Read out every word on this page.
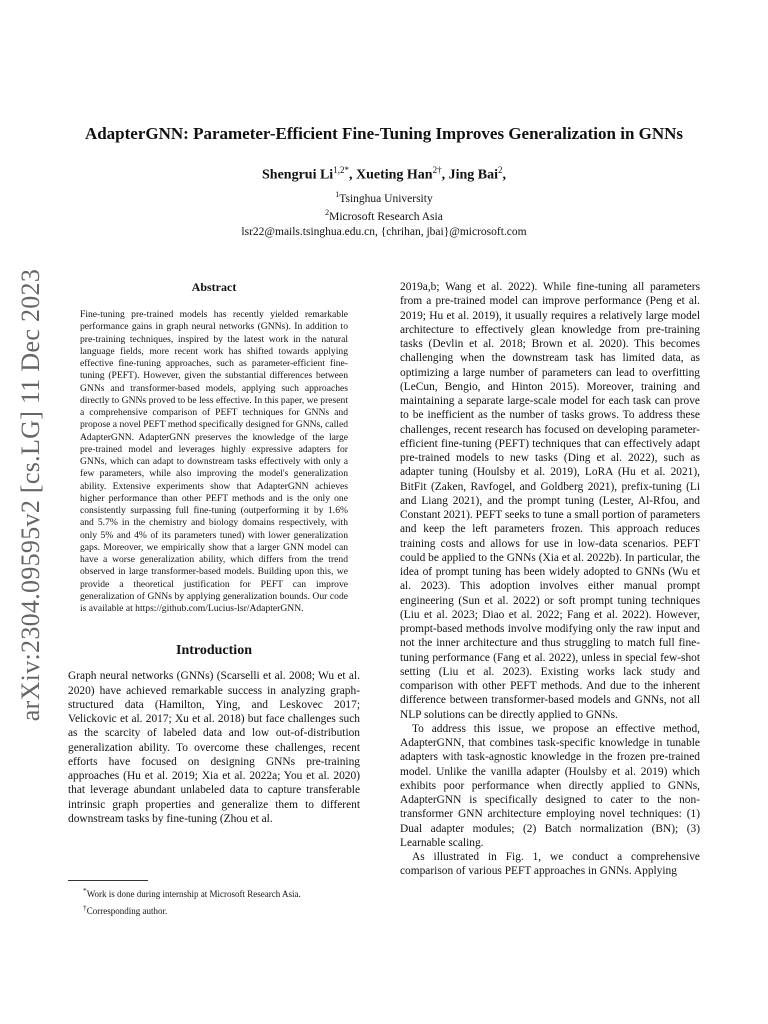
arXiv:2304.09595v2 [cs.LG] 11 Dec 2023
AdapterGNN: Parameter-Efficient Fine-Tuning Improves Generalization in GNNs
Shengrui $Li^{1,2*}$, Xueting Han$^{2\dagger}$, Jing Bai$^2$,
$^1$Tsinghua University
$^2$Microsoft Research Asia
lsr22@mails.tsinghua.edu.cn, {chrihan, jbai}@microsoft.com
Abstract

Fine-tuning pre-trained models has recently yielded remarkable performance gains in graph neural networks (GNNs). In addition to pre-training techniques, inspired by the latest work in the natural language fields, more recent work has shifted towards applying effective fine-tuning approaches, such as parameter-efficient fine-tuning (PEFT). However, given the substantial differences between GNNs and transformer-based models, applying such approaches directly to GNNs proved to be less effective. In this paper, we present a comprehensive comparison of PEFT techniques for GNNs and propose a novel PEFT method specifically designed for GNNs, called AdapterGNN. AdapterGNN preserves the knowledge of the large pre-trained model and leverages highly expressive adapters for GNNs, which can adapt to downstream tasks effectively with only a few parameters, while also improving the model's generalization ability. Extensive experiments show that AdapterGNN achieves higher performance than other PEFT methods and is the only one consistently surpassing full fine-tuning (outperforming it by 1.6% and 5.7% in the chemistry and biology domains respectively, with only 5% and 4% of its parameters tuned) with lower generalization gaps. Moreover, we empirically show that a larger GNN model can have a worse generalization ability, which differs from the trend observed in large transformer-based models. Building upon this, we provide a theoretical justification for PEFT can improve generalization of GNNs by applying generalization bounds. Our code is available at https://github.com/Lucius-lsr/AdapterGNN.

Introduction

Graph neural networks (GNNs) (Scarselli et al. 2008; Wu et al. 2020) have achieved remarkable success in analyzing graph-structured data (Hamilton, Ying, and Leskovec 2017; Velickovic et al. 2017; Xu et al. 2018) but face challenges such as the scarcity of labeled data and low out-of-distribution generalization ability. To overcome these challenges, recent efforts have focused on designing GNNs pre-training approaches (Hu et al. 2019; Xia et al. 2022a; You et al. 2020) that leverage abundant unlabeled data to capture transferable intrinsic graph properties and generalize them to different downstream tasks by fine-tuning (Zhou et al.

2019a,b; Wang et al. 2022). While fine-tuning all parameters from a pre-trained model can improve performance (Peng et al. 2019; Hu et al. 2019), it usually requires a relatively large model architecture to effectively glean knowledge from pre-training tasks (Devlin et al. 2018; Brown et al. 2020). This becomes challenging when the downstream task has limited data, as optimizing a large number of parameters can lead to overfitting (LeCun, Bengio, and Hinton 2015). Moreover, training and maintaining a separate large-scale model for each task can prove to be inefficient as the number of tasks grows. To address these challenges, recent research has focused on developing parameter-efficient fine-tuning (PEFT) techniques that can effectively adapt pre-trained models to new tasks (Ding et al. 2022), such as adapter tuning (Houlsby et al. 2019), LoRA (Hu et al. 2021), BitFit (Zaken, Ravfogel, and Goldberg 2021), prefix-tuning (Li and Liang 2021), and the prompt tuning (Lester, Al-Rfou, and Constant 2021). PEFT seeks to tune a small portion of parameters and keep the left parameters frozen. This approach reduces training costs and allows for use in low-data scenarios. PEFT could be applied to the GNNs (Xia et al. 2022b). In particular, the idea of prompt tuning has been widely adopted to GNNs (Wu et al. 2023). This adoption involves either manual prompt engineering (Sun et al. 2022) or soft prompt tuning techniques (Liu et al. 2023; Diao et al. 2022; Fang et al. 2022). However, prompt-based methods involve modifying only the raw input and not the inner architecture and thus struggling to match full fine-tuning performance (Fang et al. 2022), unless in special few-shot setting (Liu et al. 2023). Existing works lack study and comparison with other PEFT methods. And due to the inherent difference between transformer-based models and GNNs, not all NLP solutions can be directly applied to GNNs.

To address this issue, we propose an effective method, AdapterGNN, that combines task-specific knowledge in tunable adapters with task-agnostic knowledge in the frozen pre-trained model. Unlike the vanilla adapter (Houlsby et al. 2019) which exhibits poor performance when directly applied to GNNs, AdapterGNN is specifically designed to cater to the non-transformer GNN architecture employing novel techniques: (1) Dual adapter modules; (2) Batch normalization (BN); (3) Learnable scaling.

As illustrated in Fig. 1, we conduct a comprehensive comparison of various PEFT approaches in GNNs. Applying

*Work is done during internship at Microsoft Research Asia.
†Corresponding author.
